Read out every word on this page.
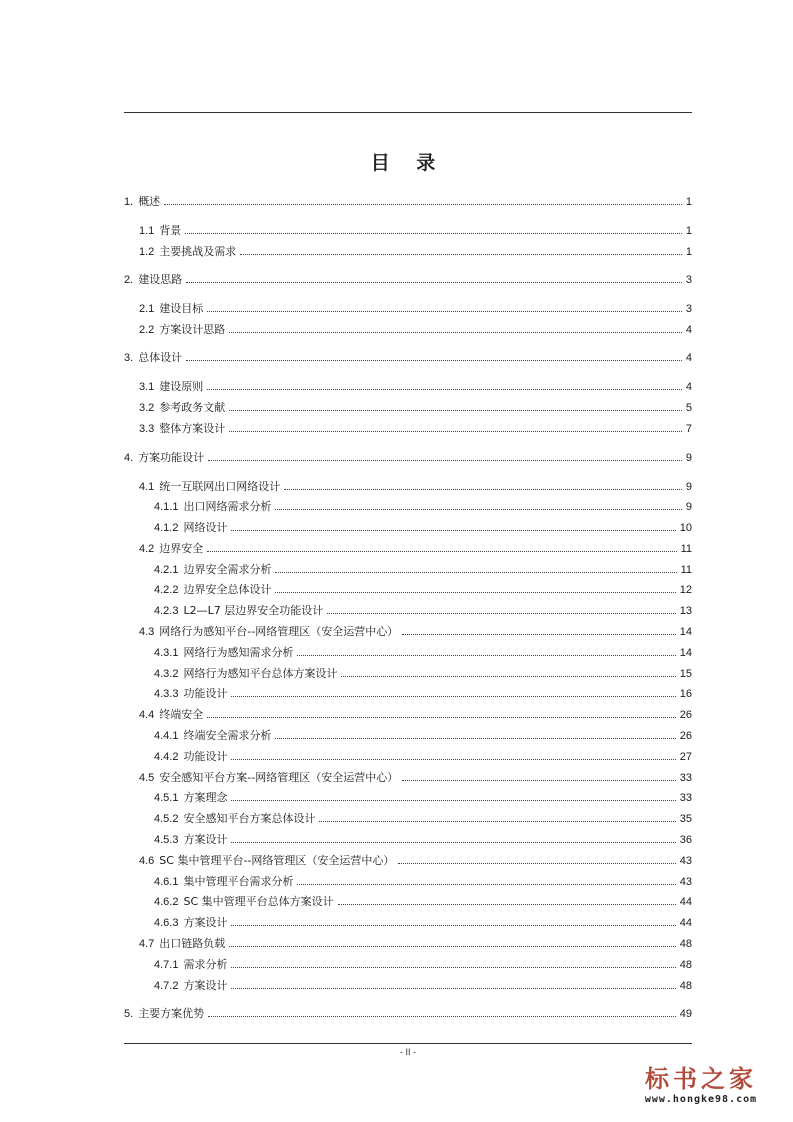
目 录
1. 概述	1
1.1 背景	1
1.2 主要挑战及需求	1
2. 建设思路	3
2.1 建设目标	3
2.2 方案设计思路	4
3. 总体设计	4
3.1 建设原则	4
3.2 参考政务文献	5
3.3 整体方案设计	7
4. 方案功能设计	9
4.1 统一互联网出口网络设计	9
4.1.1 出口网络需求分析	9
4.1.2 网络设计	10
4.2 边界安全	11
4.2.1 边界安全需求分析	11
4.2.2 边界安全总体设计	12
4.2.3 L2—L7 层边界安全功能设计	13
4.3 网络行为感知平台--网络管理区（安全运营中心）	14
4.3.1 网络行为感知需求分析	14
4.3.2 网络行为感知平台总体方案设计	15
4.3.3 功能设计	16
4.4 终端安全	26
4.4.1 终端安全需求分析	26
4.4.2 功能设计	27
4.5 安全感知平台方案--网络管理区（安全运营中心）	33
4.5.1 方案理念	33
4.5.2 安全感知平台方案总体设计	35
4.5.3 方案设计	36
4.6 SC 集中管理平台--网络管理区（安全运营中心）	43
4.6.1 集中管理平台需求分析	43
4.6.2 SC 集中管理平台总体方案设计	44
4.6.3 方案设计	44
4.7 出口链路负载	48
4.7.1 需求分析	48
4.7.2 方案设计	48
5. 主要方案优势	49
- II -
标书之家
www.hongke98.com
